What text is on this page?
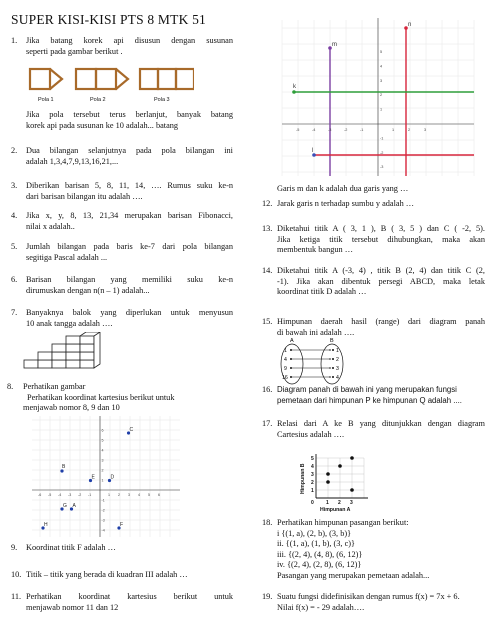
SUPER KISI-KISI PTS 8 MTK 51
1. Jika batang korek api disusun dengan susunan
seperti pada gambar berikut .
Pola 1	Pola 2	Pola 3
Jika pola tersebut terus berlanjut, banyak batang
korek api pada susunan ke 10 adalah... batang
2. Dua bilangan selanjutnya pada pola bilangan ini
adalah 1,3,4,7,9,13,16,21,...
3. Diberikan barisan 5, 8, 11, 14, …. Rumus suku ke-n
dari barisan bilangan itu adalah ….
4. Jika x, y, 8, 13, 21,34 merupakan barisan Fibonacci,
nilai x adalah..
5. Jumlah bilangan pada baris ke-7 dari pola bilangan
segitiga Pascal adalah ...
6. Barisan bilangan yang memiliki suku ke-n
dirumuskan dengan n(n – 1) adalah...
7. Banyaknya balok yang diperlukan untuk menyusun
10 anak tangga adalah ….
8. Perhatikan gambar
Perhatikan koordinat kartesius berikut untuk
menjawab nomor 8, 9 dan 10
-6 -5 -4 -3 -2 -1	1 2 3 4 5 6
6
5
4
3
2
1
-1
-2
-3
-4
A
B
C
D
E
F
G
H
9. Koordinat titik F adalah …
10. Titik – titik yang berada di kuadran III adalah …
11. Perhatikan koordinat kartesius berikut untuk
menjawab nomor 11 dan 12
m
n
k
l
-5	-4	-3	-2	-1	1	2	3
5
4
3
2
1
-1
-2
-3
Garis m dan k adalah dua garis yang …
12. Jarak garis n terhadap sumbu y adalah …
13. Diketahui titik A ( 3, 1 ), B ( 3, 5 ) dan C ( -2, 5).
Jika ketiga titik tersebut dihubungkan, maka akan
membentuk bangun …
14. Diketahui titik A (-3, 4) , titik B (2, 4) dan titik C (2,
-1). Jika akan dibentuk persegi ABCD, maka letak
koordinat titik D adalah …
15. Himpunan daerah hasil (range) dari diagram panah
di bawah ini adalah ….
A	B
1
4
9
16
1
2
3
4
16. Diagram panah di bawah ini yang merupakan fungsi
pemetaan dari himpunan P ke himpunan Q adalah ....
17. Relasi dari A ke B yang ditunjukkan dengan diagram
Cartesius adalah ….
1 2 3
1
2
3
4
5
0
Himpunan A
Himpunan B
18. Perhatikan himpunan pasangan berikut:
i {(1, a), (2, b), (3, b)}
ii. {(1, a), (1, b), (3, c)}
iii. {(2, 4), (4, 8), (6, 12)}
iv. {(2, 4), (2, 8), (6, 12)}
Pasangan yang merupakan pemetaan adalah...
19. Suatu fungsi didefinisikan dengan rumus f(x) = 7x + 6.
Nilai f(x) = - 29 adalah….
